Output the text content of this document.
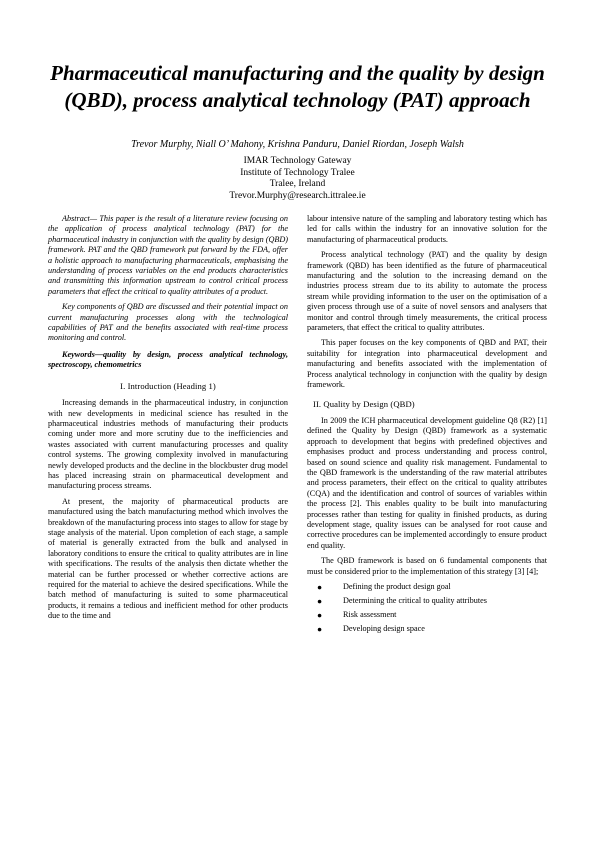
Pharmaceutical manufacturing and the quality by design (QBD), process analytical technology (PAT) approach
Trevor Murphy, Niall O’ Mahony, Krishna Panduru, Daniel Riordan, Joseph Walsh
IMAR Technology Gateway
Institute of Technology Tralee
Tralee, Ireland
Trevor.Murphy@research.ittralee.ie

Abstract— This paper is the result of a literature review focusing on the application of process analytical technology (PAT) for the pharmaceutical industry in conjunction with the quality by design (QBD) framework. PAT and the QBD framework put forward by the FDA, offer a holistic approach to manufacturing pharmaceuticals, emphasising the understanding of process variables on the end products characteristics and transmitting this information upstream to control critical process parameters that effect the critical to quality attributes of a product.

Key components of QBD are discussed and their potential impact on current manufacturing processes along with the technological capabilities of PAT and the benefits associated with real-time process monitoring and control.

Keywords—quality by design, process analytical technology, spectroscopy, chemometrics

I. Introduction (Heading 1)

Increasing demands in the pharmaceutical industry, in conjunction with new developments in medicinal science has resulted in the pharmaceutical industries methods of manufacturing their products coming under more and more scrutiny due to the inefficiencies and wastes associated with current manufacturing processes and quality control systems. The growing complexity involved in manufacturing newly developed products and the decline in the blockbuster drug model has placed increasing strain on pharmaceutical development and manufacturing process streams.

At present, the majority of pharmaceutical products are manufactured using the batch manufacturing method which involves the breakdown of the manufacturing process into stages to allow for stage by stage analysis of the material. Upon completion of each stage, a sample of material is generally extracted from the bulk and analysed in laboratory conditions to ensure the critical to quality attributes are in line with specifications. The results of the analysis then dictate whether the material can be further processed or whether corrective actions are required for the material to achieve the desired specifications. While the batch method of manufacturing is suited to some pharmaceutical products, it remains a tedious and inefficient method for other products due to the time and

labour intensive nature of the sampling and laboratory testing which has led for calls within the industry for an innovative solution for the manufacturing of pharmaceutical products.

Process analytical technology (PAT) and the quality by design framework (QBD) has been identified as the future of pharmaceutical manufacturing and the solution to the increasing demand on the industries process stream due to its ability to automate the process stream while providing information to the user on the optimisation of a given process through use of a suite of novel sensors and analysers that monitor and control through timely measurements, the critical process parameters, that effect the critical to quality attributes.

This paper focuses on the key components of QBD and PAT, their suitability for integration into pharmaceutical development and manufacturing and benefits associated with the implementation of Process analytical technology in conjunction with the quality by design framework.

II. Quality by Design (QBD)

In 2009 the ICH pharmaceutical development guideline Q8 (R2) [1] defined the Quality by Design (QBD) framework as a systematic approach to development that begins with predefined objectives and emphasises product and process understanding and process control, based on sound science and quality risk management. Fundamental to the QBD framework is the understanding of the raw material attributes and process parameters, their effect on the critical to quality attributes (CQA) and the identification and control of sources of variables within the process [2]. This enables quality to be built into manufacturing processes rather than testing for quality in finished products, as during development stage, quality issues can be analysed for root cause and corrective procedures can be implemented accordingly to ensure product end quality.

The QBD framework is based on 6 fundamental components that must be considered prior to the implementation of this strategy [3] [4];

●	Defining the product design goal
●	Determining the critical to quality attributes
●	Risk assessment
●	Developing design space
